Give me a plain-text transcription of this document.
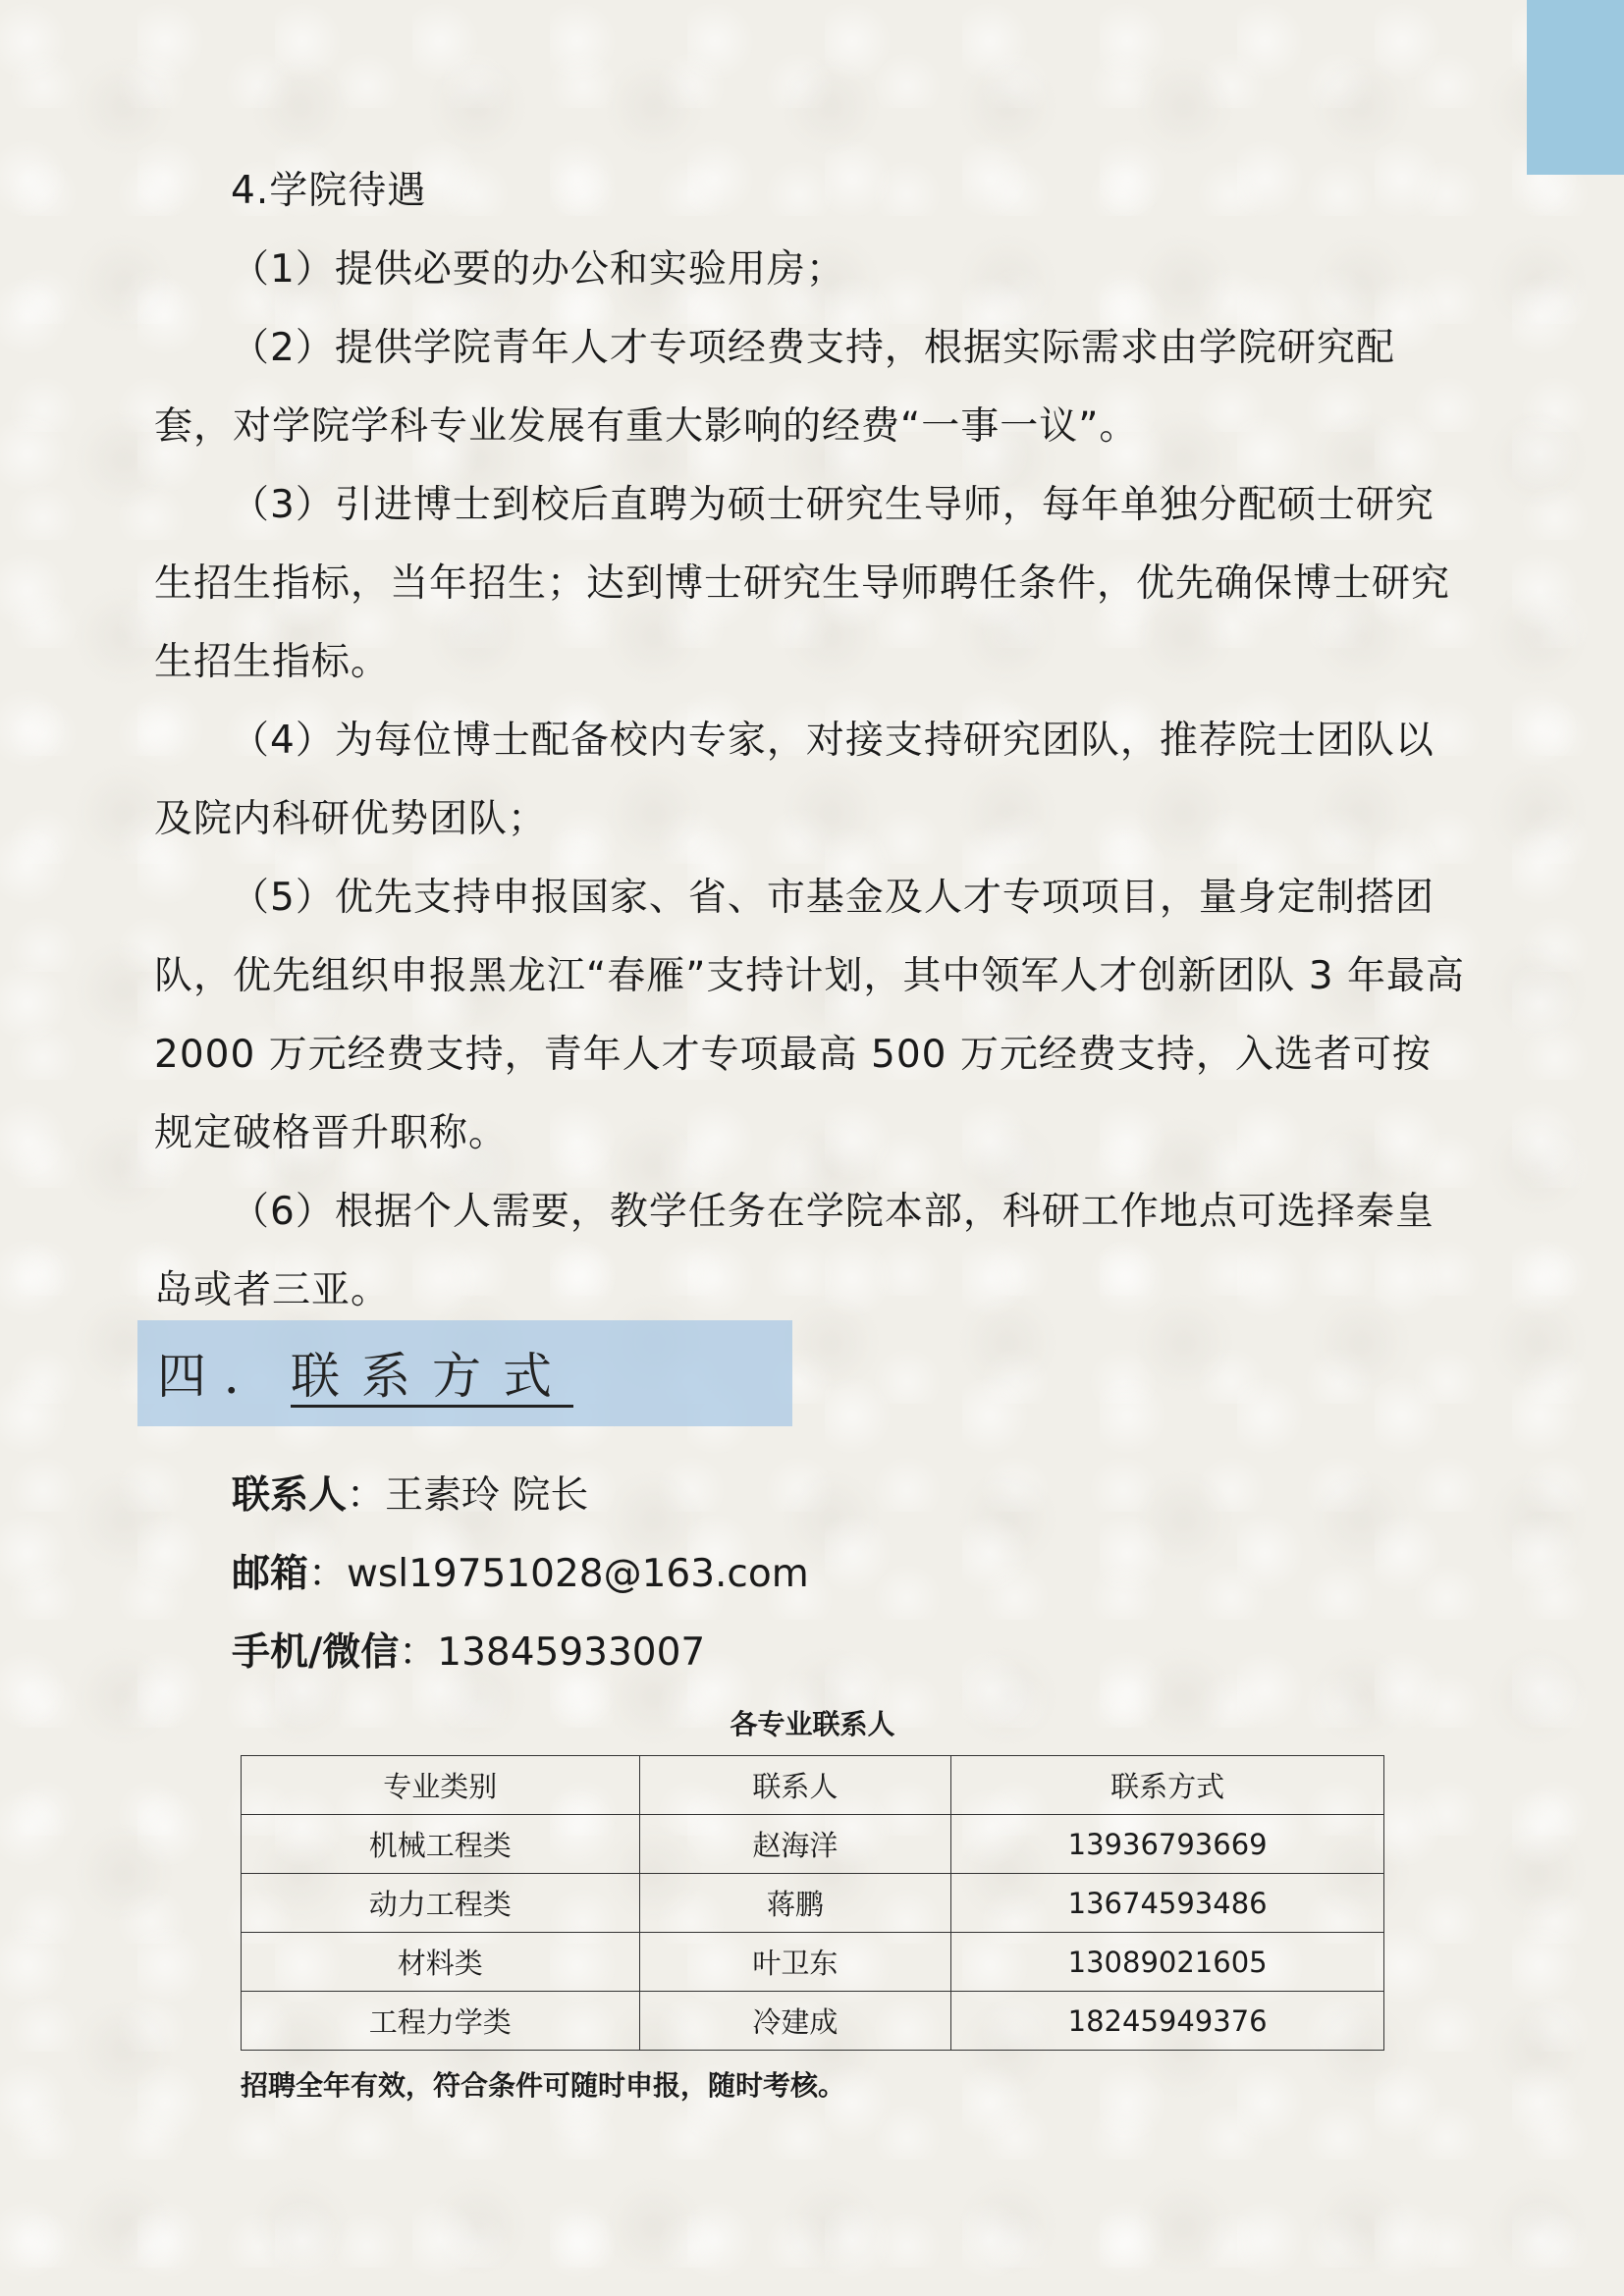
4.学院待遇

（1）提供必要的办公和实验用房；

（2）提供学院青年人才专项经费支持，根据实际需求由学院研究配套，对学院学科专业发展有重大影响的经费“一事一议”。

（3）引进博士到校后直聘为硕士研究生导师，每年单独分配硕士研究生招生指标，当年招生；达到博士研究生导师聘任条件，优先确保博士研究生招生指标。

（4）为每位博士配备校内专家，对接支持研究团队，推荐院士团队以及院内科研优势团队；

（5）优先支持申报国家、省、市基金及人才专项项目，量身定制搭团队，优先组织申报黑龙江“春雁”支持计划，其中领军人才创新团队 3 年最高 2000 万元经费支持，青年人才专项最高 500 万元经费支持，入选者可按规定破格晋升职称。

（6）根据个人需要，教学任务在学院本部，科研工作地点可选择秦皇岛或者三亚。

四．联系方式
联系人：王素玲 院长
邮箱：wsl19751028@163.com
手机/微信：13845933007
各专业联系人
专业类别	联系人	联系方式
机械工程类	赵海洋	13936793669
动力工程类	蒋鹏	13674593486
材料类	叶卫东	13089021605
工程力学类	冷建成	18245949376
招聘全年有效，符合条件可随时申报，随时考核。
